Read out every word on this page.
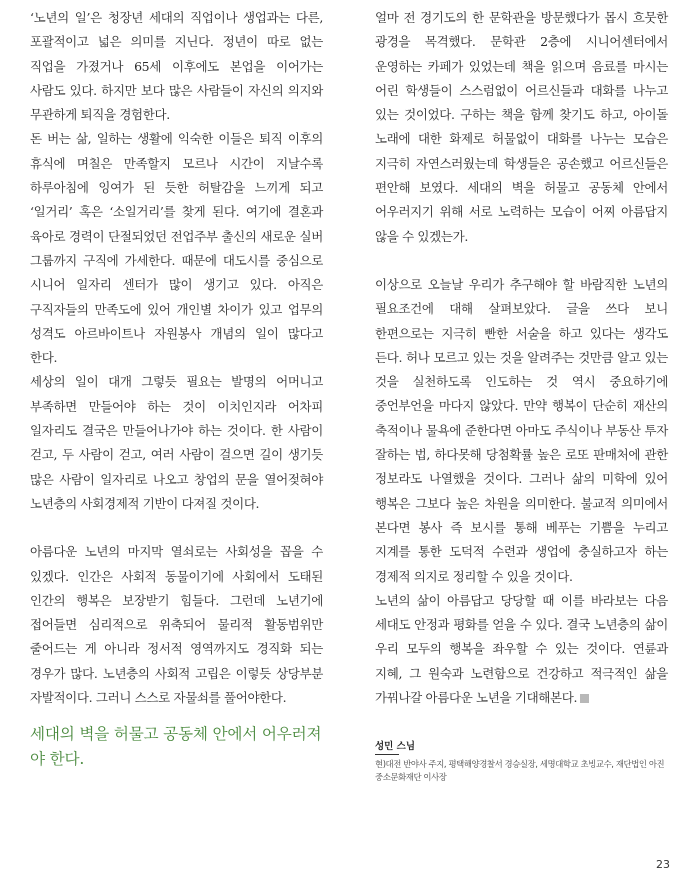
‘노년의 일’은 청장년 세대의 직업이나 생업과는 다른, 포괄적이고 넓은 의미를 지닌다. 정년이 따로 없는 직업을 가졌거나 65세 이후에도 본업을 이어가는 사람도 있다. 하지만 보다 많은 사람들이 자신의 의지와 무관하게 퇴직을 경험한다.

돈 버는 삶, 일하는 생활에 익숙한 이들은 퇴직 이후의 휴식에 며칠은 만족할지 모르나 시간이 지날수록 하루아침에 잉여가 된 듯한 허탈감을 느끼게 되고 ‘일거리’ 혹은 ‘소일거리’를 찾게 된다. 여기에 결혼과 육아로 경력이 단절되었던 전업주부 출신의 새로운 실버 그룹까지 구직에 가세한다. 때문에 대도시를 중심으로 시니어 일자리 센터가 많이 생기고 있다. 아직은 구직자들의 만족도에 있어 개인별 차이가 있고 업무의 성격도 아르바이트나 자원봉사 개념의 일이 많다고 한다.

세상의 일이 대개 그렇듯 필요는 발명의 어머니고 부족하면 만들어야 하는 것이 이치인지라 어차피 일자리도 결국은 만들어나가야 하는 것이다. 한 사람이 걷고, 두 사람이 걷고, 여러 사람이 걸으면 길이 생기듯 많은 사람이 일자리로 나오고 창업의 문을 열어젖혀야 노년층의 사회경제적 기반이 다져질 것이다.

아름다운 노년의 마지막 열쇠로는 사회성을 꼽을 수 있겠다. 인간은 사회적 동물이기에 사회에서 도태된 인간의 행복은 보장받기 힘들다. 그런데 노년기에 접어들면 심리적으로 위축되어 물리적 활동범위만 줄어드는 게 아니라 정서적 영역까지도 경직화 되는 경우가 많다. 노년층의 사회적 고립은 이렇듯 상당부분 자발적이다. 그러니 스스로 자물쇠를 풀어야한다.

세대의 벽을 허물고 공동체 안에서 어우러져야 한다.

얼마 전 경기도의 한 문학관을 방문했다가 몹시 흐뭇한 광경을 목격했다. 문학관 2층에 시니어센터에서 운영하는 카페가 있었는데 책을 읽으며 음료를 마시는 어린 학생들이 스스럼없이 어르신들과 대화를 나누고 있는 것이었다. 구하는 책을 함께 찾기도 하고, 아이돌 노래에 대한 화제로 허물없이 대화를 나누는 모습은 지극히 자연스러웠는데 학생들은 공손했고 어르신들은 편안해 보였다. 세대의 벽을 허물고 공동체 안에서 어우러지기 위해 서로 노력하는 모습이 어찌 아름답지 않을 수 있겠는가.

이상으로 오늘날 우리가 추구해야 할 바람직한 노년의 필요조건에 대해 살펴보았다. 글을 쓰다 보니 한편으로는 지극히 빤한 서술을 하고 있다는 생각도 든다. 허나 모르고 있는 것을 알려주는 것만큼 알고 있는 것을 실천하도록 인도하는 것 역시 중요하기에 중언부언을 마다지 않았다. 만약 행복이 단순히 재산의 축적이나 물욕에 준한다면 아마도 주식이나 부동산 투자 잘하는 법, 하다못해 당첨확률 높은 로또 판매처에 관한 정보라도 나열했을 것이다. 그러나 삶의 미학에 있어 행복은 그보다 높은 차원을 의미한다. 불교적 의미에서 본다면 봉사 즉 보시를 통해 베푸는 기쁨을 누리고 지계를 통한 도덕적 수련과 생업에 충실하고자 하는 경제적 의지로 정리할 수 있을 것이다.

노년의 삶이 아름답고 당당할 때 이를 바라보는 다음 세대도 안정과 평화를 얻을 수 있다. 결국 노년층의 삶이 우리 모두의 행복을 좌우할 수 있는 것이다. 연륜과 지혜, 그 원숙과 노련함으로 건강하고 적극적인 삶을 가꿔나갈 아름다운 노년을 기대해본다.

성민 스님

현)대전 반야사 주지, 평택해양경찰서 경승실장, 세명대학교 초빙교수, 재단법인 아진중소문화재단 이사장

23
